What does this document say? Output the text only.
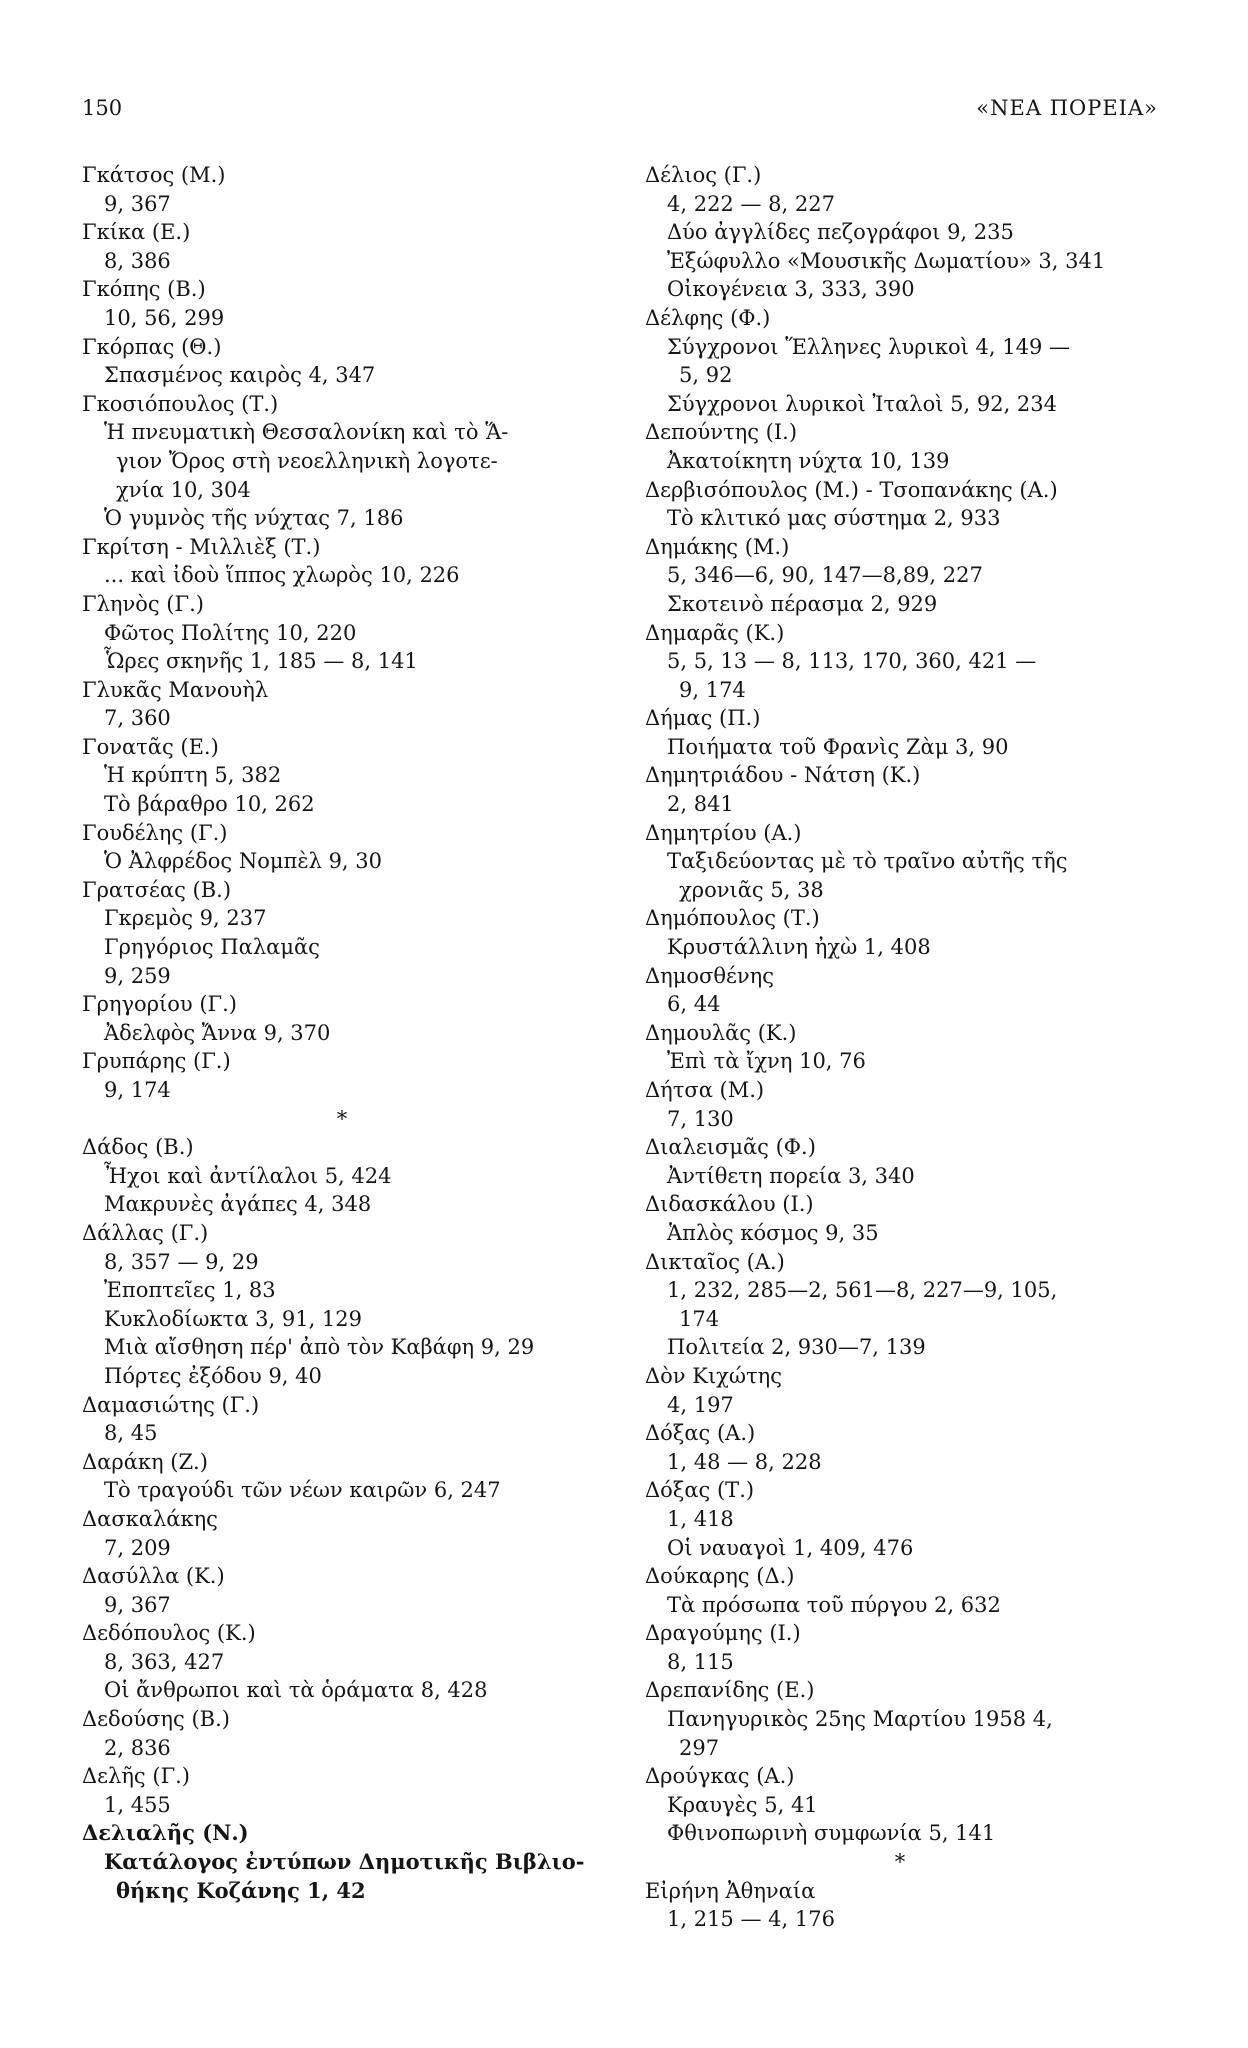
150	«ΝΕΑ ΠΟΡΕΙΑ»
Γκάτσος (Μ.)
9, 367
Γκίκα (Ε.)
8, 386
Γκόπης (Β.)
10, 56, 299
Γκόρπας (Θ.)
Σπασμένος καιρὸς 4, 347
Γκοσιόπουλος (Τ.)
Ἡ πνευματικὴ Θεσσαλονίκη καὶ τὸ Ἅ-
γιον Ὄρος στὴ νεοελληνικὴ λογοτε-
χνία 10, 304
Ὁ γυμνὸς τῆς νύχτας 7, 186
Γκρίτση - Μιλλιὲξ (Τ.)
... καὶ ἰδοὺ ἵππος χλωρὸς 10, 226
Γληνὸς (Γ.)
Φῶτος Πολίτης 10, 220
Ὧρες σκηνῆς 1, 185 — 8, 141
Γλυκᾶς Μανουὴλ
7, 360
Γονατᾶς (Ε.)
Ἡ κρύπτη 5, 382
Τὸ βάραθρο 10, 262
Γουδέλης (Γ.)
Ὁ Ἀλφρέδος Νομπὲλ 9, 30
Γρατσέας (Β.)
Γκρεμὸς 9, 237
Γρηγόριος Παλαμᾶς
9, 259
Γρηγορίου (Γ.)
Ἀδελφὸς Ἄννα 9, 370
Γρυπάρης (Γ.)
9, 174
*
Δάδος (Β.)
Ἦχοι καὶ ἀντίλαλοι 5, 424
Μακρυνὲς ἀγάπες 4, 348
Δάλλας (Γ.)
8, 357 — 9, 29
Ἐποπτεῖες 1, 83
Κυκλοδίωκτα 3, 91, 129
Μιὰ αἴσθηση πέρ' ἀπὸ τὸν Καβάφη 9, 29
Πόρτες ἐξόδου 9, 40
Δαμασιώτης (Γ.)
8, 45
Δαράκη (Ζ.)
Τὸ τραγούδι τῶν νέων καιρῶν 6, 247
Δασκαλάκης
7, 209
Δασύλλα (Κ.)
9, 367
Δεδόπουλος (Κ.)
8, 363, 427
Οἱ ἄνθρωποι καὶ τὰ ὁράματα 8, 428
Δεδούσης (Β.)
2, 836
Δελῆς (Γ.)
1, 455
Δελιαλῆς (Ν.)
Κατάλογος ἐντύπων Δημοτικῆς Βιβλιο-
θήκης Κοζάνης 1, 42
Δέλιος (Γ.)
4, 222 — 8, 227
Δύο ἀγγλίδες πεζογράφοι 9, 235
Ἐξώφυλλο «Μουσικῆς Δωματίου» 3, 341
Οἰκογένεια 3, 333, 390
Δέλφης (Φ.)
Σύγχρονοι Ἕλληνες λυρικοὶ 4, 149 —
5, 92
Σύγχρονοι λυρικοὶ Ἰταλοὶ 5, 92, 234
Δεπούντης (Ι.)
Ἀκατοίκητη νύχτα 10, 139
Δερβισόπουλος (Μ.) - Τσοπανάκης (Α.)
Τὸ κλιτικό μας σύστημα 2, 933
Δημάκης (Μ.)
5, 346—6, 90, 147—8,89, 227
Σκοτεινὸ πέρασμα 2, 929
Δημαρᾶς (Κ.)
5, 5, 13 — 8, 113, 170, 360, 421 —
9, 174
Δήμας (Π.)
Ποιήματα τοῦ Φρανὶς Ζὰμ 3, 90
Δημητριάδου - Νάτση (Κ.)
2, 841
Δημητρίου (Α.)
Ταξιδεύοντας μὲ τὸ τραῖνο αὐτῆς τῆς
χρονιᾶς 5, 38
Δημόπουλος (Τ.)
Κρυστάλλινη ἠχὼ 1, 408
Δημοσθένης
6, 44
Δημουλᾶς (Κ.)
Ἐπὶ τὰ ἴχνη 10, 76
Δήτσα (Μ.)
7, 130
Διαλεισμᾶς (Φ.)
Ἀντίθετη πορεία 3, 340
Διδασκάλου (Ι.)
Ἁπλὸς κόσμος 9, 35
Δικταῖος (Α.)
1, 232, 285—2, 561—8, 227—9, 105,
174
Πολιτεία 2, 930—7, 139
Δὸν Κιχώτης
4, 197
Δόξας (Α.)
1, 48 — 8, 228
Δόξας (Τ.)
1, 418
Οἱ ναυαγοὶ 1, 409, 476
Δούκαρης (Δ.)
Τὰ πρόσωπα τοῦ πύργου 2, 632
Δραγούμης (Ι.)
8, 115
Δρεπανίδης (Ε.)
Πανηγυρικὸς 25ης Μαρτίου 1958 4,
297
Δρούγκας (Α.)
Κραυγὲς 5, 41
Φθινοπωρινὴ συμφωνία 5, 141
*
Εἰρήνη Ἀθηναία
1, 215 — 4, 176
